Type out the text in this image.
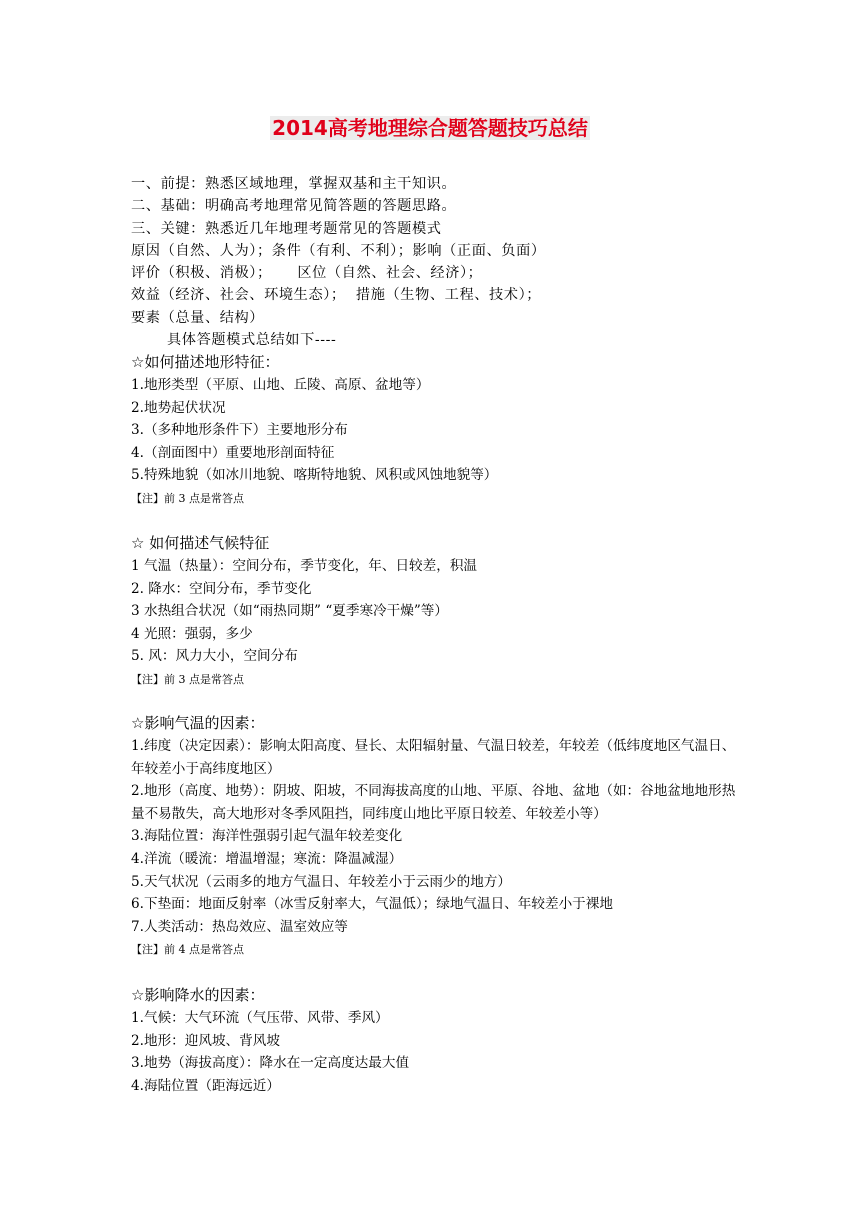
2014高考地理综合题答题技巧总结
一、前提：熟悉区域地理，掌握双基和主干知识。
二、基础：明确高考地理常见简答题的答题思路。
三、关键：熟悉近几年地理考题常见的答题模式
原因（自然、人为）；条件（有利、不利）；影响（正面、负面）
评价（积极、消极）；     区位（自然、社会、经济）；
效益（经济、社会、环境生态）；  措施（生物、工程、技术）；
要素（总量、结构）
具体答题模式总结如下----
☆如何描述地形特征：
1.地形类型（平原、山地、丘陵、高原、盆地等）
2.地势起伏状况
3.（多种地形条件下）主要地形分布
4.（剖面图中）重要地形剖面特征
5.特殊地貌（如冰川地貌、喀斯特地貌、风积或风蚀地貌等）
【注】前 3 点是常答点
☆ 如何描述气候特征
1 气温（热量）：空间分布，季节变化，年、日较差，积温
2. 降水：空间分布，季节变化
3 水热组合状况（如“雨热同期” “夏季寒冷干燥”等）
4 光照：强弱，多少
5. 风：风力大小，空间分布
【注】前 3 点是常答点
☆影响气温的因素：
1.纬度（决定因素）：影响太阳高度、昼长、太阳辐射量、气温日较差，年较差（低纬度地区气温日、年较差小于高纬度地区）
2.地形（高度、地势）：阴坡、阳坡，不同海拔高度的山地、平原、谷地、盆地（如：谷地盆地地形热量不易散失，高大地形对冬季风阻挡，同纬度山地比平原日较差、年较差小等）
3.海陆位置：海洋性强弱引起气温年较差变化
4.洋流（暖流：增温增湿；寒流：降温减湿）
5.天气状况（云雨多的地方气温日、年较差小于云雨少的地方）
6.下垫面：地面反射率（冰雪反射率大，气温低）；绿地气温日、年较差小于裸地
7.人类活动：热岛效应、温室效应等
【注】前 4 点是常答点
☆影响降水的因素：
1.气候：大气环流（气压带、风带、季风）
2.地形：迎风坡、背风坡
3.地势（海拔高度）：降水在一定高度达最大值
4.海陆位置（距海远近）
